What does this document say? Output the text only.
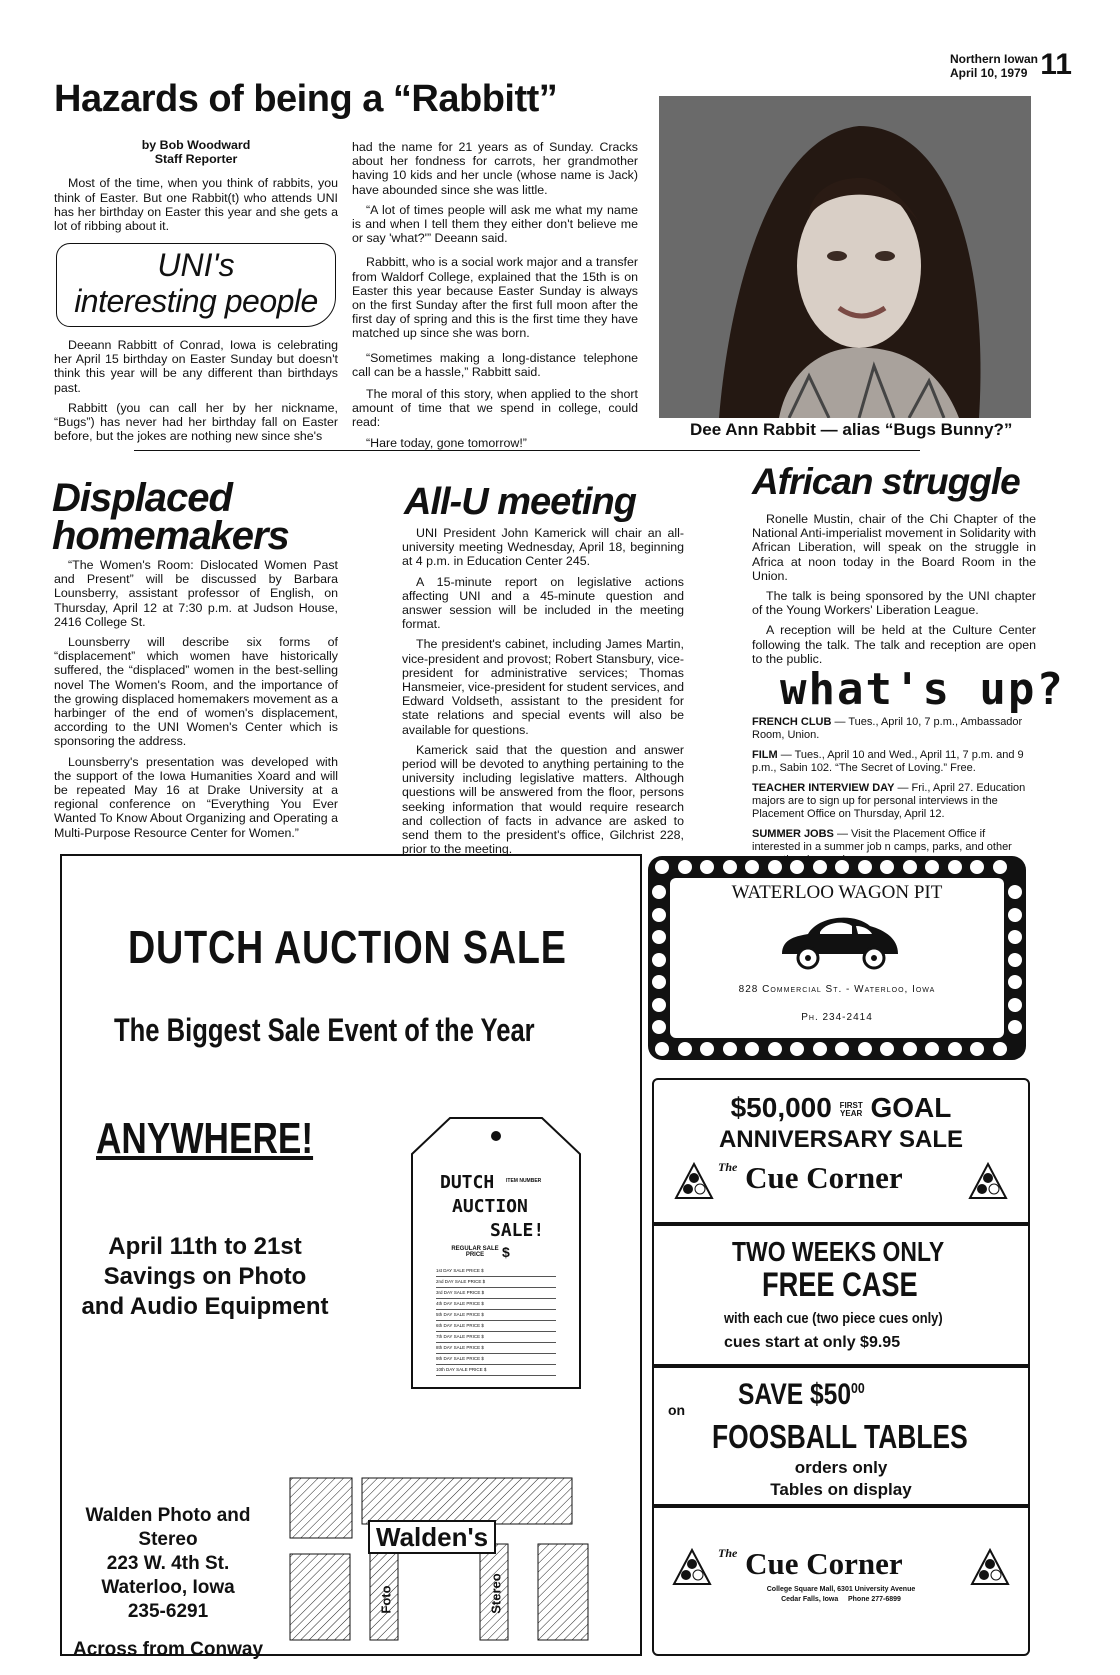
Northern Iowan
April 10, 1979 11
Hazards of being a “Rabbitt”
by Bob Woodward
Staff Reporter

Most of the time, when you think of rabbits, you think of Easter. But one Rabbit(t) who attends UNI has her birthday on Easter this year and she gets a lot of ribbing about it.

UNI's
interesting people

Deeann Rabbitt of Conrad, Iowa is celebrating her April 15 birthday on Easter Sunday but doesn't think this year will be any different than birthdays past.

Rabbitt (you can call her by her nickname, “Bugs”) has never had her birthday fall on Easter before, but the jokes are nothing new since she's

had the name for 21 years as of Sunday. Cracks about her fondness for carrots, her grandmother having 10 kids and her uncle (whose name is Jack) have abounded since she was little.

“A lot of times people will ask me what my name is and when I tell them they either don't believe me or say 'what?'” Deeann said.

Rabbitt, who is a social work major and a transfer from Waldorf College, explained that the 15th is on Easter this year because Easter Sunday is always on the first Sunday after the first full moon after the first day of spring and this is the first time they have matched up since she was born.

“Sometimes making a long-distance telephone call can be a hassle,” Rabbitt said.

The moral of this story, when applied to the short amount of time that we spend in college, could read:

“Hare today, gone tomorrow!”

Dee Ann Rabbit — alias “Bugs Bunny?”
Displaced
homemakers

“The Women's Room: Dislocated Women Past and Present” will be discussed by Barbara Lounsberry, assistant professor of English, on Thursday, April 12 at 7:30 p.m. at Judson House, 2416 College St.

Lounsberry will describe six forms of “displacement” which women have historically suffered, the “displaced” women in the best-selling novel The Women's Room, and the importance of the growing displaced homemakers movement as a harbinger of the end of women's displacement, according to the UNI Women's Center which is sponsoring the address.

Lounsberry's presentation was developed with the support of the Iowa Humanities Xoard and will be repeated May 16 at Drake University at a regional conference on “Everything You Ever Wanted To Know About Organizing and Operating a Multi-Purpose Resource Center for Women.”

All-U meeting

UNI President John Kamerick will chair an all-university meeting Wednesday, April 18, beginning at 4 p.m. in Education Center 245.

A 15-minute report on legislative actions affecting UNI and a 45-minute question and answer session will be included in the meeting format.

The president's cabinet, including James Martin, vice-president and provost; Robert Stansbury, vice-president for administrative services; Thomas Hansmeier, vice-president for student services, and Edward Voldseth, assistant to the president for state relations and special events will also be available for questions.

Kamerick said that the question and answer period will be devoted to anything pertaining to the university including legislative matters. Although questions will be answered from the floor, persons seeking information that would require research and collection of facts in advance are asked to send them to the president's office, Gilchrist 228, prior to the meeting.

African struggle

Ronelle Mustin, chair of the Chi Chapter of the National Anti-imperialist movement in Solidarity with African Liberation, will speak on the struggle in Africa at noon today in the Board Room in the Union.

The talk is being sponsored by the UNI chapter of the Young Workers' Liberation League.

A reception will be held at the Culture Center following the talk. The talk and reception are open to the public.

what's up?
FRENCH CLUB — Tues., April 10, 7 p.m., Ambassador Room, Union.
FILM — Tues., April 10 and Wed., April 11, 7 p.m. and 9 p.m., Sabin 102. “The Secret of Loving.” Free.
TEACHER INTERVIEW DAY — Fri., April 27. Education majors are to sign up for personal interviews in the Placement Office on Thursday, April 12.
SUMMER JOBS — Visit the Placement Office if interested in a summer job n camps, parks, and other
DUTCH AUCTION SALE
The Biggest Sale Event of the Year
ANYWHERE!
April 11th to 21st
Savings on Photo
and Audio Equipment
DUTCH ITEM NUMBER
AUCTION
SALE!
REGULAR SALE PRICE	$
1st DAY SALE PRICE $
2nd DAY SALE PRICE $
3rd DAY SALE PRICE $
4th DAY SALE PRICE $
5th DAY SALE PRICE $
6th DAY SALE PRICE $
7th DAY SALE PRICE $
8th DAY SALE PRICE $
9th DAY SALE PRICE $
10th DAY SALE PRICE $
Walden Photo and Stereo
223 W. 4th St.
Waterloo, Iowa
235-6291
Across from Conway
Walden's
Foto	Stereo
WATERLOO WAGON PIT
828 Commercial St. - Waterloo, Iowa
Ph. 234-2414
$50,000 FIRST
YEAR GOAL
ANNIVERSARY SALE
$^{The}$ Cue Corner
TWO WEEKS ONLY
FREE CASE
with each cue (two piece cues only)
cues start at only $9.95
on SAVE $\$50^{00}$
FOOSBALL TABLES
orders only
Tables on display
$^{The}$ Cue Corner
College Square Mall, 6301 University Avenue
Cedar Falls, Iowa     Phone 277-6899
